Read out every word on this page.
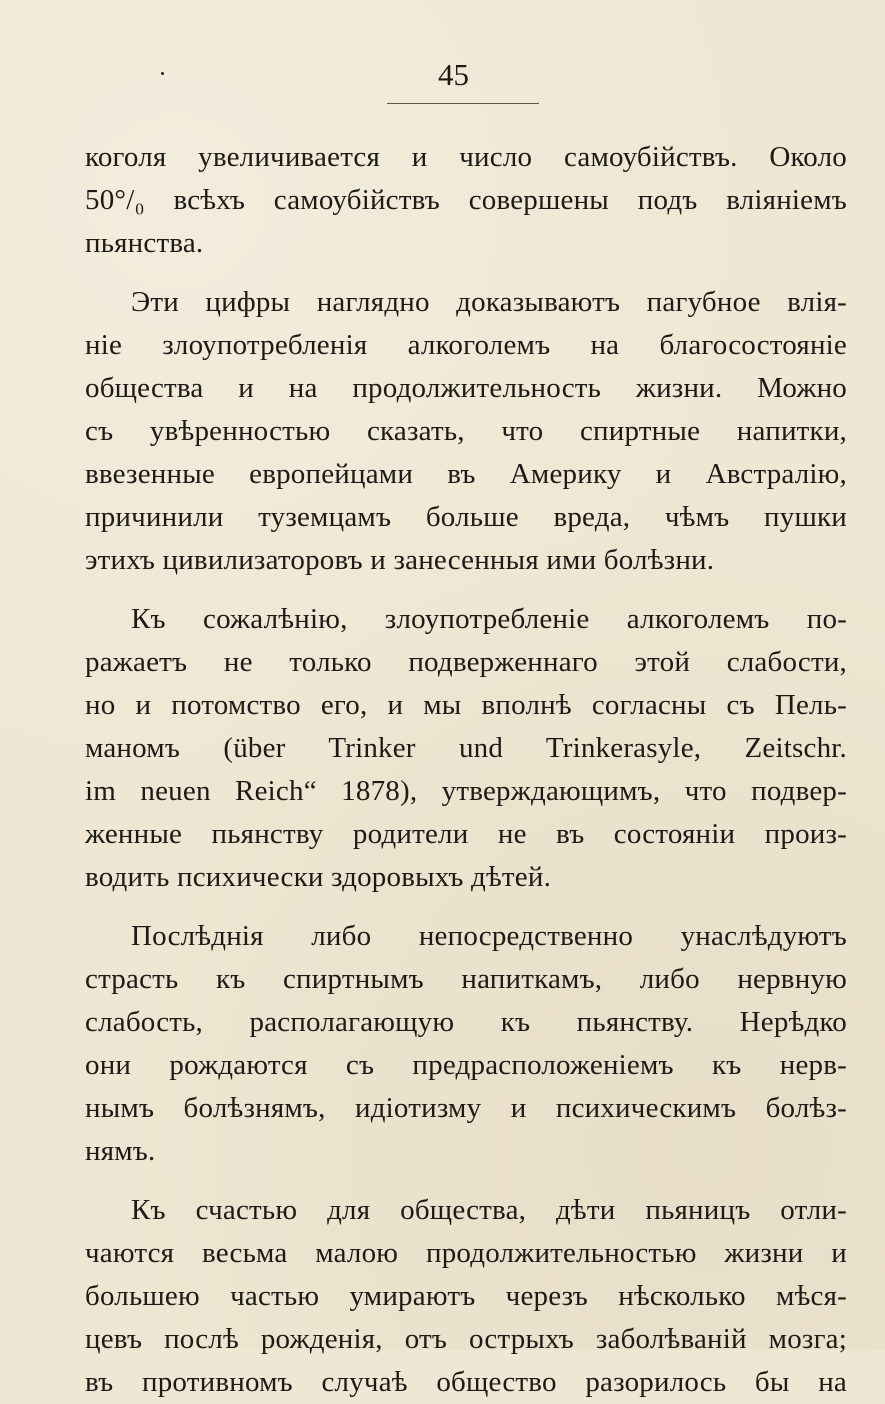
45
коголя увеличивается и число самоубійствъ. Около
50°/₀ всѣхъ самоубійствъ совершены подъ вліяніемъ
пьянства.
Эти цифры наглядно доказываютъ пагубное влія-
ніе злоупотребленія алкоголемъ на благосостояніе
общества и на продолжительность жизни. Можно
съ увѣренностью сказать, что спиртные напитки,
ввезенные европейцами въ Америку и Австралію,
причинили туземцамъ больше вреда, чѣмъ пушки
этихъ цивилизаторовъ и занесенныя ими болѣзни.
Къ сожалѣнію, злоупотребленіе алкоголемъ по-
ражаетъ не только подверженнаго этой слабости,
но и потомство его, и мы вполнѣ согласны съ Пель-
маномъ (über Trinker und Trinkerasyle, Zeitschr.
im neuen Reich“ 1878), утверждающимъ, что подвер-
женные пьянству родители не въ состояніи произ-
водить психически здоровыхъ дѣтей.
Послѣднія либо непосредственно унаслѣдуютъ
страсть къ спиртнымъ напиткамъ, либо нервную
слабость, располагающую къ пьянству. Нерѣдко
они рождаются съ предрасположеніемъ къ нерв-
нымъ болѣзнямъ, идіотизму и психическимъ болѣз-
нямъ.
Къ счастью для общества, дѣти пьяницъ отли-
чаются весьма малою продолжительностью жизни и
большею частью умираютъ черезъ нѣсколько мѣся-
цевъ послѣ рожденія, отъ острыхъ заболѣваній мозга;
въ противномъ случаѣ общество разорилось бы на
